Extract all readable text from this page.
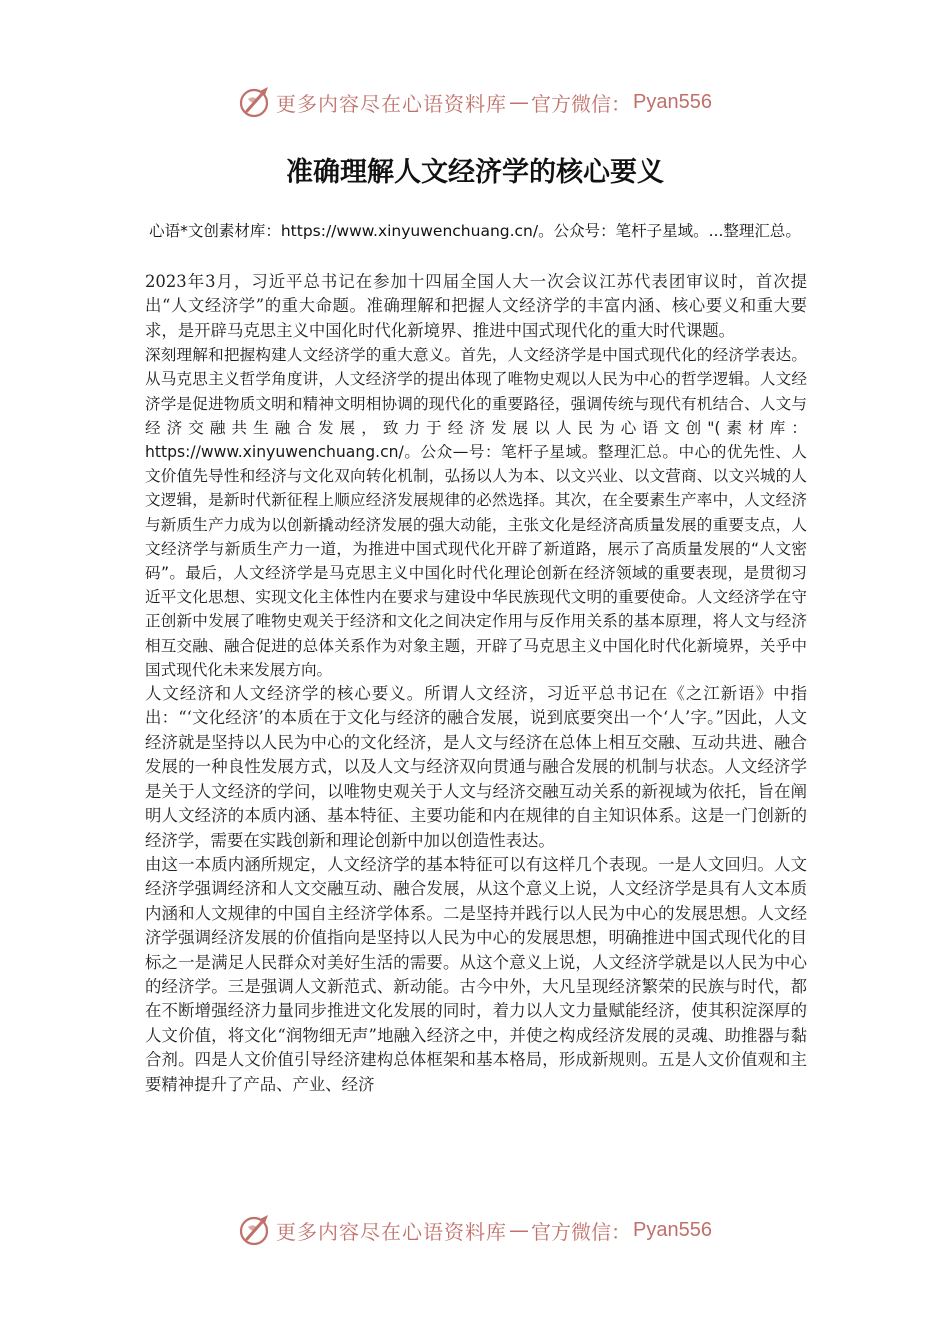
更多内容尽在心语资料库 — 官方微信： Pyan556
准确理解人文经济学的核心要义

心语*文创素材库：https://www.xinyuwenchuang.cn/。公众号：笔杆子星域。...整理汇总。

2023年3月，习近平总书记在参加十四届全国人大一次会议江苏代表团审议时，首次提出“人文经济学”的重大命题。准确理解和把握人文经济学的丰富内涵、核心要义和重大要求，是开辟马克思主义中国化时代化新境界、推进中国式现代化的重大时代课题。

深刻理解和把握构建人文经济学的重大意义。首先，人文经济学是中国式现代化的经济学表达。从马克思主义哲学角度讲，人文经济学的提出体现了唯物史观以人民为中心的哲学逻辑。人文经济学是促进物质文明和精神文明相协调的现代化的重要路径，强调传统与现代有机结合、人文与经济交融共生融合发展，致力于经济发展以人民为心语文创"(素材库：https://www.xinyuwenchuang.cn/。公众—号：笔杆子星域。整理汇总。中心的优先性、人文价值先导性和经济与文化双向转化机制，弘扬以人为本、以文兴业、以文营商、以文兴城的人文逻辑，是新时代新征程上顺应经济发展规律的必然选择。其次，在全要素生产率中，人文经济与新质生产力成为以创新撬动经济发展的强大动能，主张文化是经济高质量发展的重要支点，人文经济学与新质生产力一道，为推进中国式现代化开辟了新道路，展示了高质量发展的“人文密码”。最后，人文经济学是马克思主义中国化时代化理论创新在经济领域的重要表现，是贯彻习近平文化思想、实现文化主体性内在要求与建设中华民族现代文明的重要使命。人文经济学在守正创新中发展了唯物史观关于经济和文化之间决定作用与反作用关系的基本原理，将人文与经济相互交融、融合促进的总体关系作为对象主题，开辟了马克思主义中国化时代化新境界，关乎中国式现代化未来发展方向。

人文经济和人文经济学的核心要义。所谓人文经济，习近平总书记在《之江新语》中指出：“‘文化经济’的本质在于文化与经济的融合发展，说到底要突出一个‘人’字。”因此，人文经济就是坚持以人民为中心的文化经济，是人文与经济在总体上相互交融、互动共进、融合发展的一种良性发展方式，以及人文与经济双向贯通与融合发展的机制与状态。人文经济学是关于人文经济的学问，以唯物史观关于人文与经济交融互动关系的新视域为依托，旨在阐明人文经济的本质内涵、基本特征、主要功能和内在规律的自主知识体系。这是一门创新的经济学，需要在实践创新和理论创新中加以创造性表达。

由这一本质内涵所规定，人文经济学的基本特征可以有这样几个表现。一是人文回归。人文经济学强调经济和人文交融互动、融合发展，从这个意义上说，人文经济学是具有人文本质内涵和人文规律的中国自主经济学体系。二是坚持并践行以人民为中心的发展思想。人文经济学强调经济发展的价值指向是坚持以人民为中心的发展思想，明确推进中国式现代化的目标之一是满足人民群众对美好生活的需要。从这个意义上说，人文经济学就是以人民为中心的经济学。三是强调人文新范式、新动能。古今中外，大凡呈现经济繁荣的民族与时代，都在不断增强经济力量同步推进文化发展的同时，着力以人文力量赋能经济，使其积淀深厚的人文价值，将文化“润物细无声”地融入经济之中，并使之构成经济发展的灵魂、助推器与黏合剂。四是人文价值引导经济建构总体框架和基本格局，形成新规则。五是人文价值观和主要精神提升了产品、产业、经济

更多内容尽在心语资料库 — 官方微信： Pyan556
